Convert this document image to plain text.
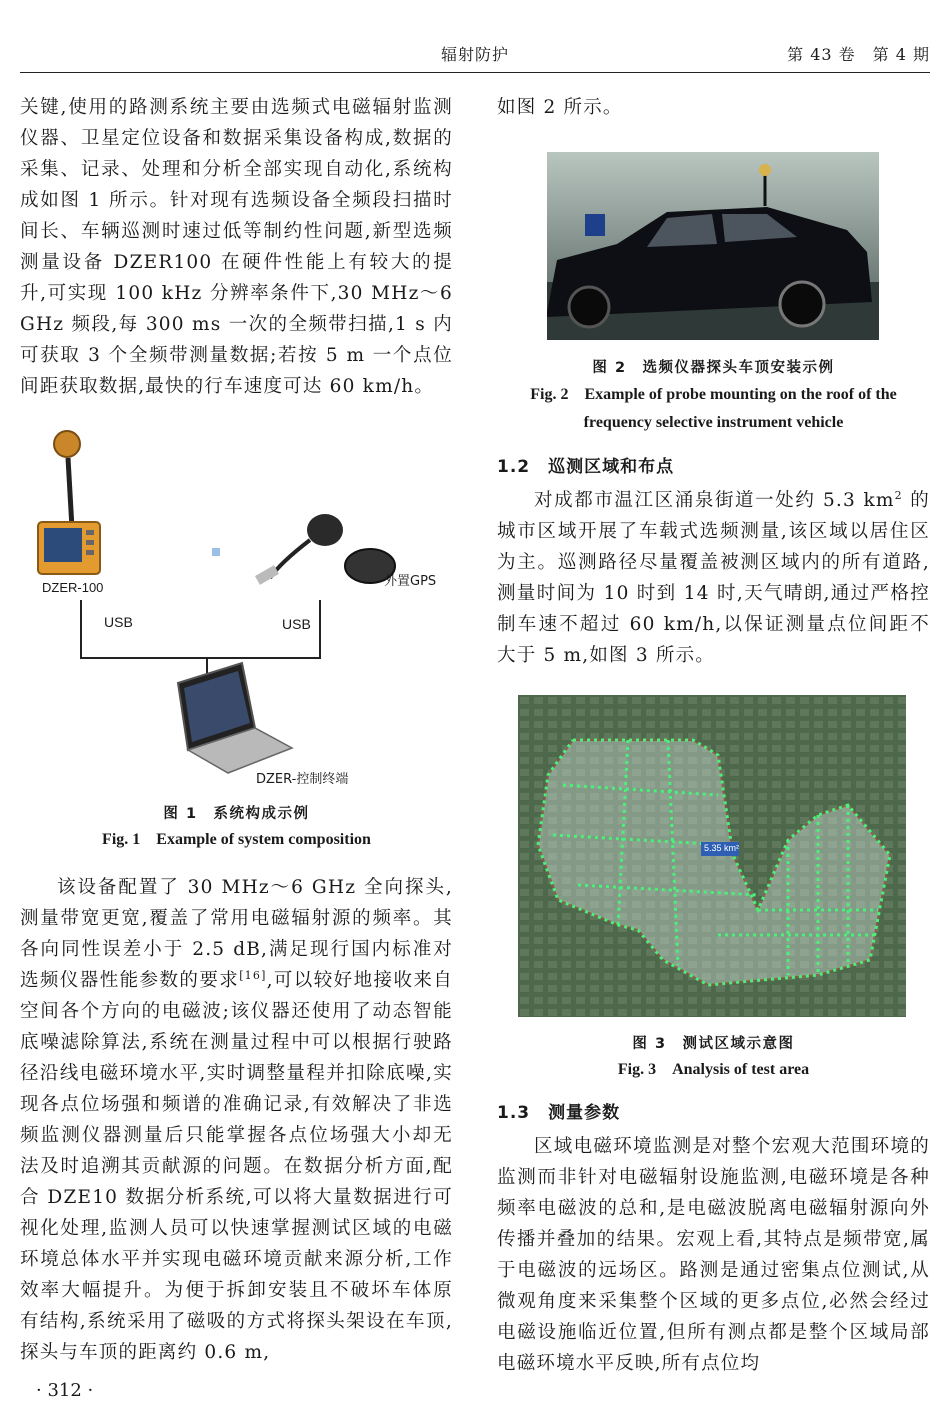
辐射防护	第 43 卷　第 4 期

关键,使用的路测系统主要由选频式电磁辐射监测仪器、卫星定位设备和数据采集设备构成,数据的采集、记录、处理和分析全部实现自动化,系统构成如图 1 所示。针对现有选频设备全频段扫描时间长、车辆巡测时速过低等制约性问题,新型选频测量设备 DZER100 在硬件性能上有较大的提升,可实现 100 kHz 分辨率条件下,30 MHz～6 GHz 频段,每 300 ms 一次的全频带扫描,1 s 内可获取 3 个全频带测量数据;若按 5 m 一个点位间距获取数据,最快的行车速度可达 60 km/h。

DZER-100	外置GPS
USB	USB
DZER-控制终端
图 1　系统构成示例
Fig. 1　Example of system composition

该设备配置了 30 MHz～6 GHz 全向探头,测量带宽更宽,覆盖了常用电磁辐射源的频率。其各向同性误差小于 2.5 dB,满足现行国内标准对选频仪器性能参数的要求[16],可以较好地接收来自空间各个方向的电磁波;该仪器还使用了动态智能底噪滤除算法,系统在测量过程中可以根据行驶路径沿线电磁环境水平,实时调整量程并扣除底噪,实现各点位场强和频谱的准确记录,有效解决了非选频监测仪器测量后只能掌握各点位场强大小却无法及时追溯其贡献源的问题。在数据分析方面,配合 DZE10 数据分析系统,可以将大量数据进行可视化处理,监测人员可以快速掌握测试区域的电磁环境总体水平并实现电磁环境贡献来源分析,工作效率大幅提升。为便于拆卸安装且不破坏车体原有结构,系统采用了磁吸的方式将探头架设在车顶,探头与车顶的距离约 0.6 m,

· 312 ·

如图 2 所示。

图 2　选频仪器探头车顶安装示例
Fig. 2　Example of probe mounting on the roof of the
frequency selective instrument vehicle

1.2　巡测区域和布点

对成都市温江区涌泉街道一处约 5.3 $km^2$ 的城市区域开展了车载式选频测量,该区域以居住区为主。巡测路径尽量覆盖被测区域内的所有道路,测量时间为 10 时到 14 时,天气晴朗,通过严格控制车速不超过 60 km/h,以保证测量点位间距不大于 5 m,如图 3 所示。

5.35 km²
图 3　测试区域示意图
Fig. 3　Analysis of test area

1.3　测量参数

区域电磁环境监测是对整个宏观大范围环境的监测而非针对电磁辐射设施监测,电磁环境是各种频率电磁波的总和,是电磁波脱离电磁辐射源向外传播并叠加的结果。宏观上看,其特点是频带宽,属于电磁波的远场区。路测是通过密集点位测试,从微观角度来采集整个区域的更多点位,必然会经过电磁设施临近位置,但所有测点都是整个区域局部电磁环境水平反映,所有点位均
